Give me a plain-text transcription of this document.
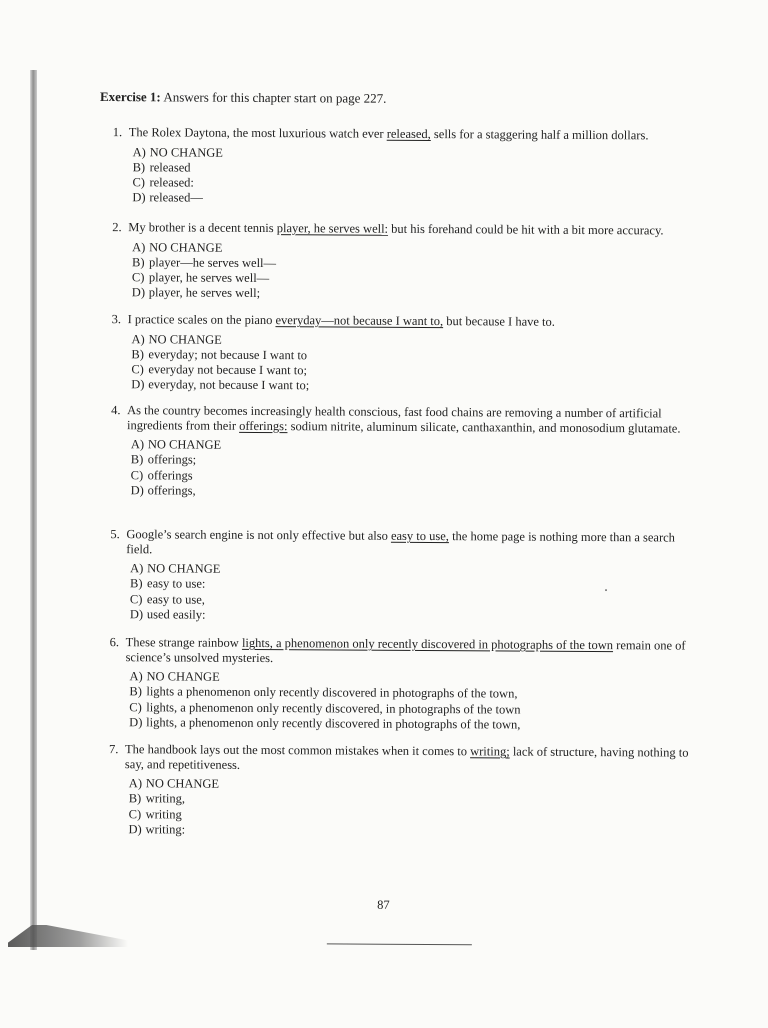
Exercise 1: Answers for this chapter start on page 227.
1. The Rolex Daytona, the most luxurious watch ever released, sells for a staggering half a million dollars.
A) NO CHANGE
B) released
C) released:
D) released—
2. My brother is a decent tennis player, he serves well: but his forehand could be hit with a bit more accuracy.
A) NO CHANGE
B) player—he serves well—
C) player, he serves well—
D) player, he serves well;
3. I practice scales on the piano everyday—not because I want to, but because I have to.
A) NO CHANGE
B) everyday; not because I want to
C) everyday not because I want to;
D) everyday, not because I want to;
4. As the country becomes increasingly health conscious, fast food chains are removing a number of artificial ingredients from their offerings: sodium nitrite, aluminum silicate, canthaxanthin, and monosodium glutamate.
A) NO CHANGE
B) offerings;
C) offerings
D) offerings,
5. Google’s search engine is not only effective but also easy to use, the home page is nothing more than a search field.
A) NO CHANGE
B) easy to use:
C) easy to use,
D) used easily:
6. These strange rainbow lights, a phenomenon only recently discovered in photographs of the town remain one of science’s unsolved mysteries.
A) NO CHANGE
B) lights a phenomenon only recently discovered in photographs of the town,
C) lights, a phenomenon only recently discovered, in photographs of the town
D) lights, a phenomenon only recently discovered in photographs of the town,
7. The handbook lays out the most common mistakes when it comes to writing; lack of structure, having nothing to say, and repetitiveness.
A) NO CHANGE
B) writing,
C) writing
D) writing:
87
